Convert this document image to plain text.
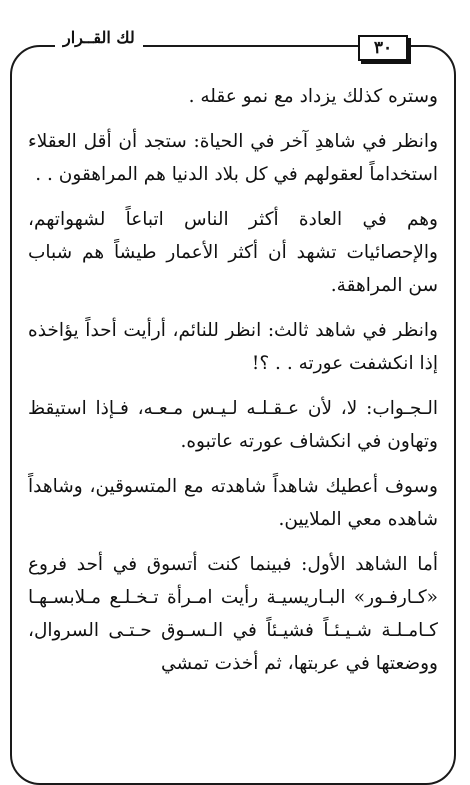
لك القــرار
٣٠

وستره كذلك يزداد مع نمو عقله .

وانظر في شاهدِ آخر في الحياة: ستجد أن أقل العقلاء استخداماً لعقولهم في كل بلاد الدنيا هم المراهقون . .

وهم في العادة أكثر الناس اتباعاً لشهواتهم، والإحصائيات تشهد أن أكثر الأعمار طيشاً هم شباب سن المراهقة.

وانظر في شاهد ثالث: انظر للنائم، أرأيت أحداً يؤاخذه إذا انكشفت عورته . . ؟!

الـجـواب: لا، لأن عـقـلـه لـيـس مـعـه، فـإذا استيقظ وتهاون في انكشاف عورته عاتبوه.

وسوف أعطيك شاهداً شاهدته مع المتسوقين، وشاهداً شاهده معي الملايين.

أما الشاهد الأول: فبينما كنت أتسوق في أحد فروع «كـارفـور» البـاريسيـة رأيت امـرأة تـخـلـع مـلابسـهـا كـامـلـة شـيـئـاً فشيـئاً في الـسـوق حـتـى السروال، ووضعتها في عربتها، ثم أخذت تمشي
